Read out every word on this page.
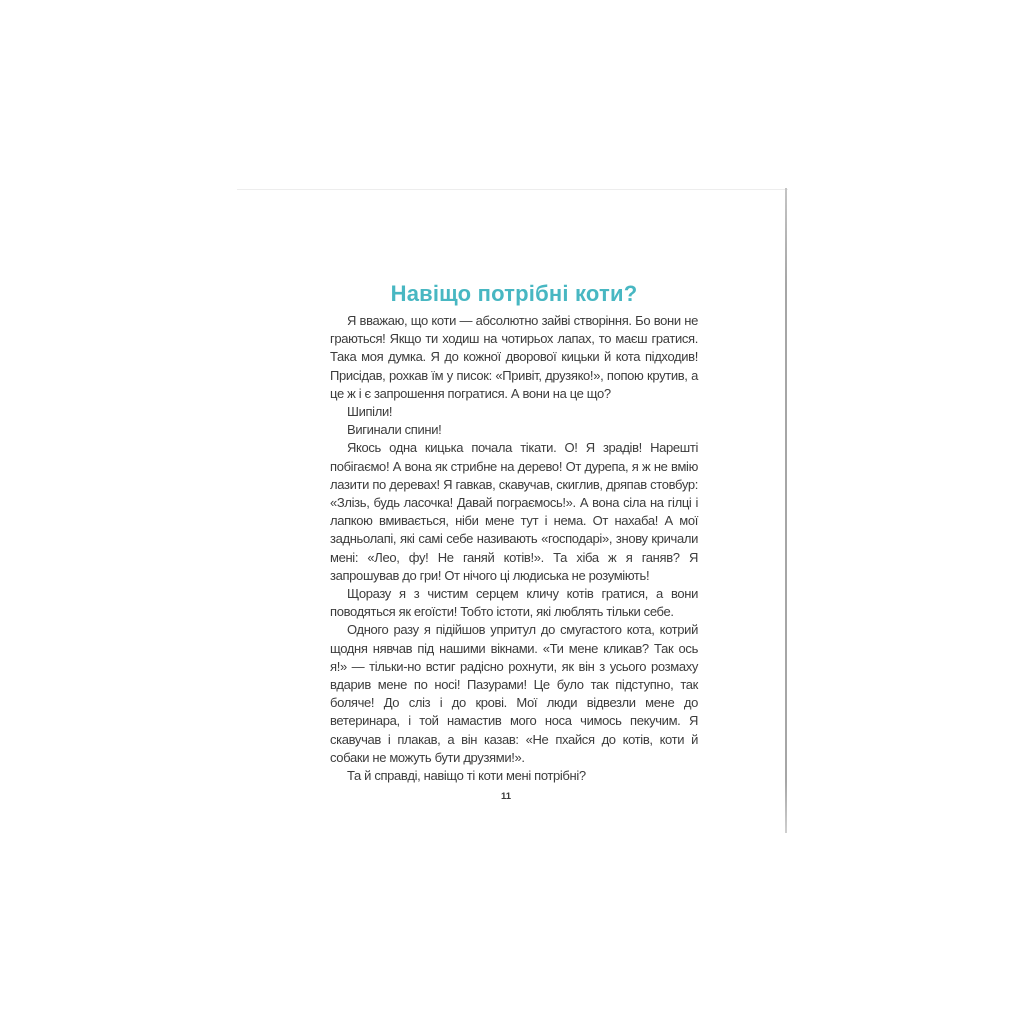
Навіщо потрібні коти?

Я вважаю, що коти — абсолютно зайві створіння. Бо вони не граються! Якщо ти ходиш на чотирьох лапах, то маєш гратися. Така моя думка. Я до кожної дворової кицьки й кота підходив! Присідав, рохкав їм у писок: «Привіт, друзяко!», попою крутив, а це ж і є запрошення погратися. А вони на це що?

Шипіли!

Вигинали спини!

Якось одна кицька почала тікати. О! Я зрадів! Нарешті побігаємо! А вона як стрибне на дерево! От дурепа, я ж не вмію лазити по деревах! Я гавкав, скавучав, скиглив, дряпав стовбур: «Злізь, будь ласочка! Давай пограємось!». А вона сіла на гілці і лапкою вмивається, ніби мене тут і нема. От нахаба! А мої задньолапі, які самі себе називають «господарі», знову кричали мені: «Лео, фу! Не ганяй котів!». Та хіба ж я ганяв? Я запрошував до гри! От нічого ці людиська не розуміють!

Щоразу я з чистим серцем кличу котів гратися, а вони поводяться як егоїсти! Тобто істоти, які люблять тільки себе.

Одного разу я підійшов упритул до смугастого кота, котрий щодня нявчав під нашими вікнами. «Ти мене кликав? Так ось я!» — тільки-но встиг радісно рохнути, як він з усього розмаху вдарив мене по носі! Пазурами! Це було так підступно, так боляче! До сліз і до крові. Мої люди відвезли мене до ветеринара, і той намастив мого носа чимось пекучим. Я скавучав і плакав, а він казав: «Не пхайся до котів, коти й собаки не можуть бути друзями!».

Та й справді, навіщо ті коти мені потрібні?

11
